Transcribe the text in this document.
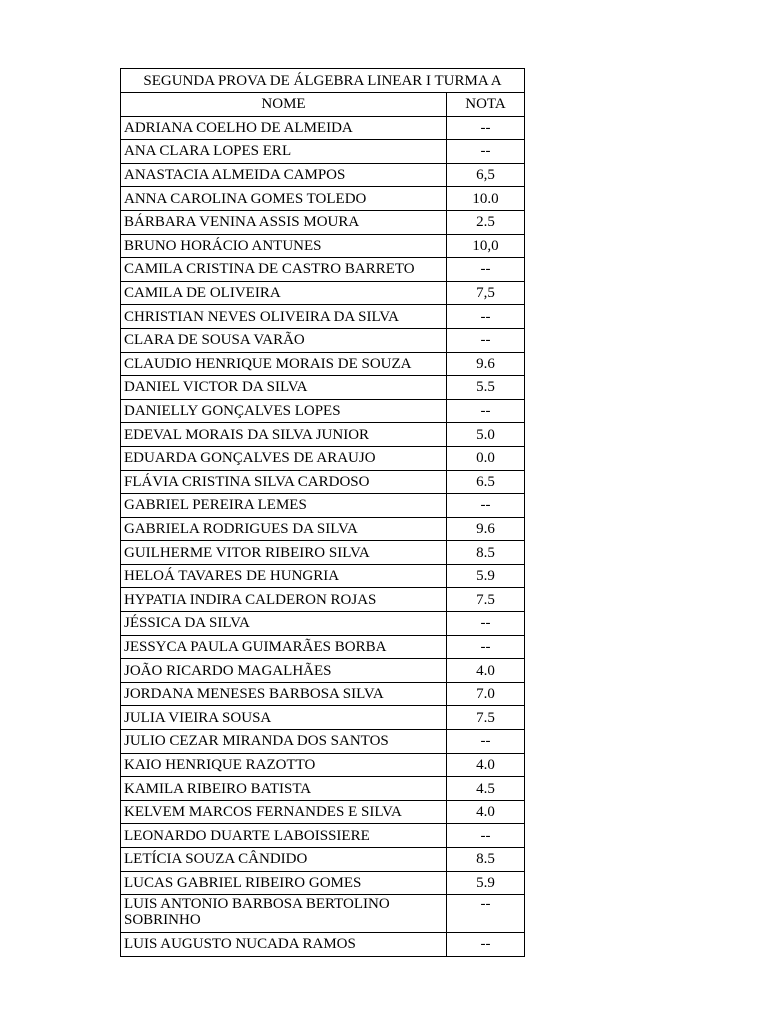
SEGUNDA PROVA DE ÁLGEBRA LINEAR I TURMA A	
NOME	NOTA
ADRIANA COELHO DE ALMEIDA	--
ANA CLARA LOPES ERL	--
ANASTACIA ALMEIDA CAMPOS	6,5
ANNA CAROLINA GOMES TOLEDO	10.0
BÁRBARA VENINA ASSIS MOURA	2.5
BRUNO HORÁCIO ANTUNES	10,0
CAMILA CRISTINA DE CASTRO BARRETO	--
CAMILA DE OLIVEIRA	7,5
CHRISTIAN NEVES OLIVEIRA DA SILVA	--
CLARA DE SOUSA VARÃO	--
CLAUDIO HENRIQUE MORAIS DE SOUZA	9.6
DANIEL VICTOR DA SILVA	5.5
DANIELLY GONÇALVES LOPES	--
EDEVAL MORAIS DA SILVA JUNIOR	5.0
EDUARDA GONÇALVES DE ARAUJO	0.0
FLÁVIA CRISTINA SILVA CARDOSO	6.5
GABRIEL PEREIRA LEMES	--
GABRIELA RODRIGUES DA SILVA	9.6
GUILHERME VITOR RIBEIRO SILVA	8.5
HELOÁ TAVARES DE HUNGRIA	5.9
HYPATIA INDIRA CALDERON ROJAS	7.5
JÉSSICA DA SILVA	--
JESSYCA PAULA GUIMARÃES BORBA	--
JOÃO RICARDO MAGALHÃES	4.0
JORDANA MENESES BARBOSA SILVA	7.0
JULIA VIEIRA SOUSA	7.5
JULIO CEZAR MIRANDA DOS SANTOS	--
KAIO HENRIQUE RAZOTTO	4.0
KAMILA RIBEIRO BATISTA	4.5
KELVEM MARCOS FERNANDES E SILVA	4.0
LEONARDO DUARTE LABOISSIERE	--
LETÍCIA SOUZA CÂNDIDO	8.5
LUCAS GABRIEL RIBEIRO GOMES	5.9
LUIS ANTONIO BARBOSA BERTOLINO SOBRINHO	--
LUIS AUGUSTO NUCADA RAMOS	--
